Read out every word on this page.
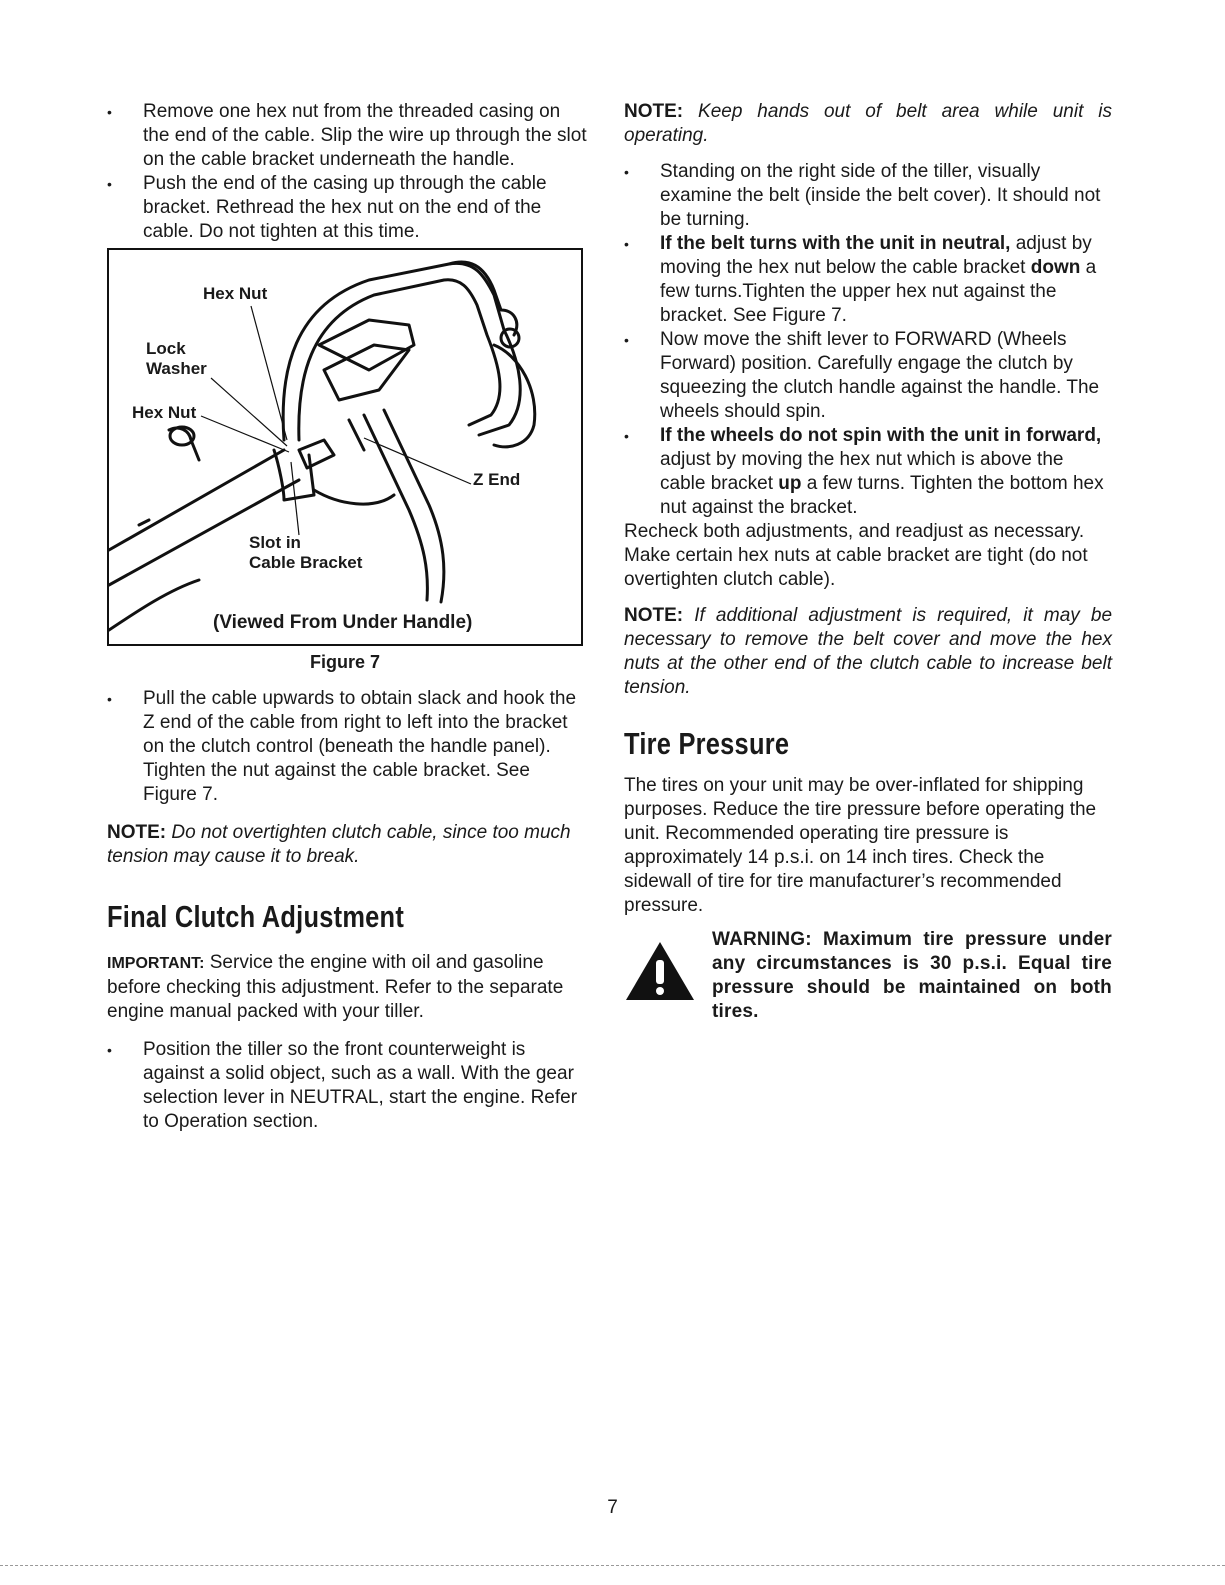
• Remove one hex nut from the threaded casing on the end of the cable. Slip the wire up through the slot on the cable bracket underneath the handle.
• Push the end of the casing up through the cable bracket. Rethread the hex nut on the end of the cable. Do not tighten at this time.
Hex Nut
Lock
Washer
Hex Nut
Z End
Slot in
Cable Bracket
(Viewed From Under Handle)
Figure 7
• Pull the cable upwards to obtain slack and hook the Z end of the cable from right to left into the bracket on the clutch control (beneath the handle panel). Tighten the nut against the cable bracket. See Figure 7.

NOTE: Do not overtighten clutch cable, since too much tension may cause it to break.

Final Clutch Adjustment

IMPORTANT: Service the engine with oil and gasoline before checking this adjustment. Refer to the separate engine manual packed with your tiller.

• Position the tiller so the front counterweight is against a solid object, such as a wall. With the gear selection lever in NEUTRAL, start the engine. Refer to Operation section.

NOTE: Keep hands out of belt area while unit is operating.

• Standing on the right side of the tiller, visually examine the belt (inside the belt cover). It should not be turning.
• If the belt turns with the unit in neutral, adjust by moving the hex nut below the cable bracket down a few turns.Tighten the upper hex nut against the bracket. See Figure 7.
• Now move the shift lever to FORWARD (Wheels Forward) position. Carefully engage the clutch by squeezing the clutch handle against the handle. The wheels should spin.
• If the wheels do not spin with the unit in forward, adjust by moving the hex nut which is above the cable bracket up a few turns. Tighten the bottom hex nut against the bracket.

Recheck both adjustments, and readjust as necessary. Make certain hex nuts at cable bracket are tight (do not overtighten clutch cable).

NOTE: If additional adjustment is required, it may be necessary to remove the belt cover and move the hex nuts at the other end of the clutch cable to increase belt tension.

Tire Pressure

The tires on your unit may be over-inflated for shipping purposes. Reduce the tire pressure before operating the unit. Recommended operating tire pressure is approximately 14 p.s.i. on 14 inch tires. Check the sidewall of tire for tire manufacturer’s recommended pressure.

WARNING: Maximum tire pressure under any circumstances is 30 p.s.i. Equal tire pressure should be maintained on both tires.

7
